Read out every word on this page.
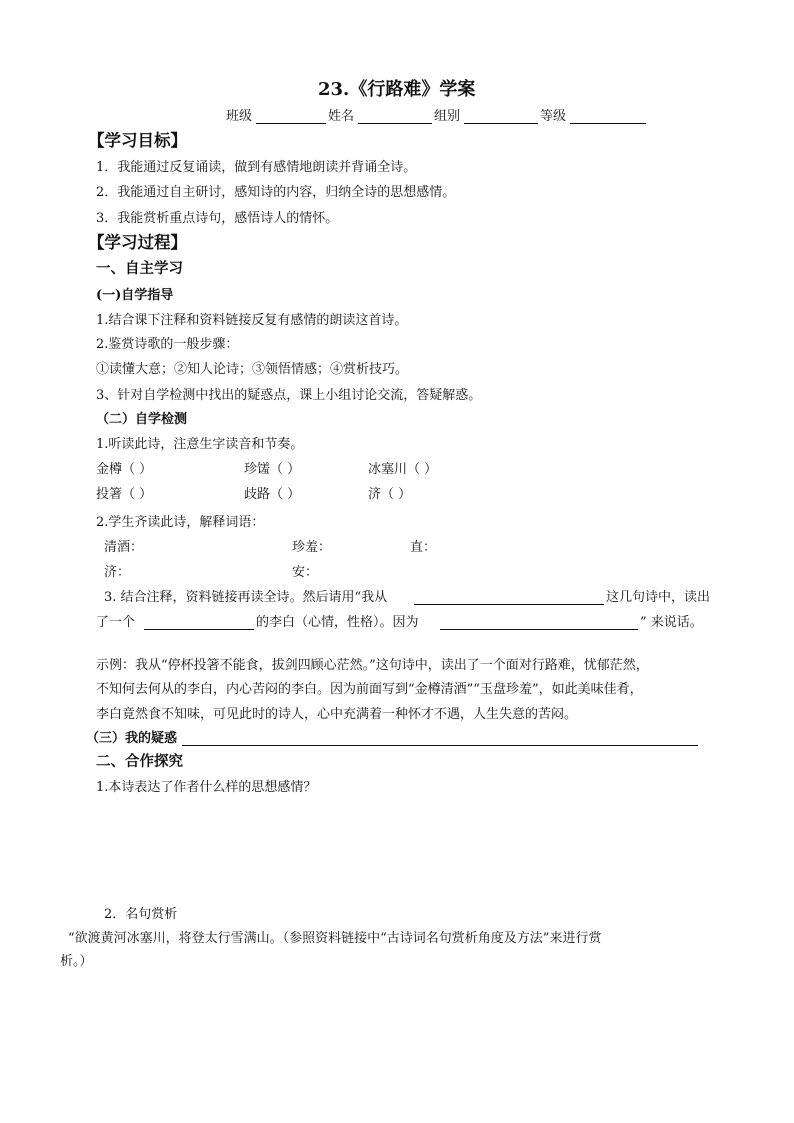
23.《行路难》学案
班级	姓名	组别	等级
【学习目标】
1．我能通过反复诵读，做到有感情地朗读并背诵全诗。
2．我能通过自主研讨，感知诗的内容，归纳全诗的思想感情。
3．我能赏析重点诗句，感悟诗人的情怀。
【学习过程】
一、自主学习
(一)自学指导
1.结合课下注释和资料链接反复有感情的朗读这首诗。
2.鉴赏诗歌的一般步骤：
①读懂大意；②知人论诗；③领悟情感；④赏析技巧。
3、针对自学检测中找出的疑惑点，课上小组讨论交流，答疑解惑。
（二）自学检测
1.听读此诗，注意生字读音和节奏。
金樽（ ）	珍馐（ ）	冰塞川（ ）
投箸（ ）	歧路（ ）	济（ ）
2.学生齐读此诗，解释词语：
清酒：	珍羞：	直：
济：	安：
3. 结合注释，资料链接再读全诗。然后请用“我从	这几句诗中，读出
了一个	的李白（心情，性格）。因为	” 来说话。
示例：我从“停杯投箸不能食，拔剑四顾心茫然。”这句诗中，读出了一个面对行路难，忧郁茫然，
不知何去何从的李白，内心苦闷的李白。因为前面写到“金樽清酒”“玉盘珍羞”，如此美味佳肴，
李白竟然食不知味，可见此时的诗人，心中充满着一种怀才不遇，人生失意的苦闷。
（三）我的疑惑
二、合作探究
1.本诗表达了作者什么样的思想感情？
2．名句赏析
“欲渡黄河冰塞川，将登太行雪满山。（参照资料链接中“古诗词名句赏析角度及方法”来进行赏
析。）
